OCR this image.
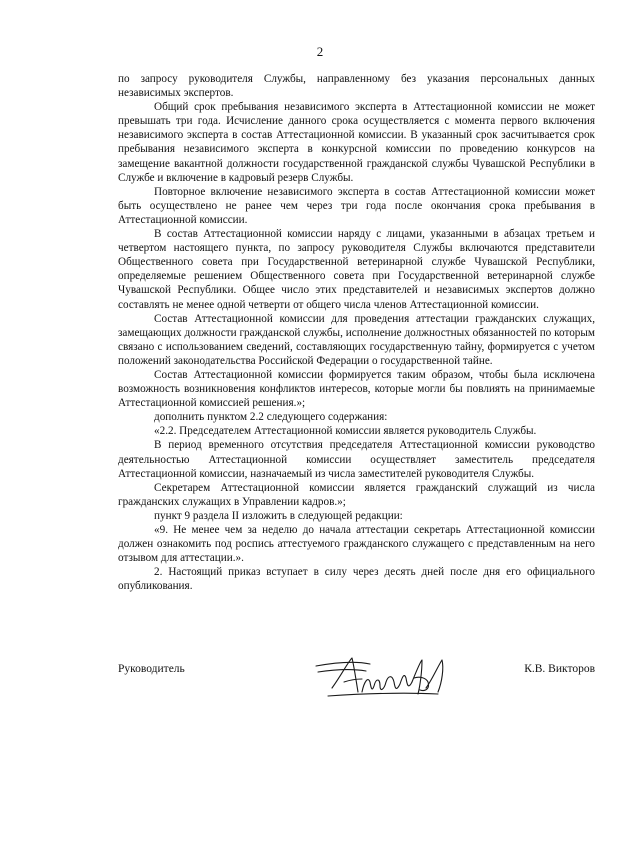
2

по запросу руководителя Службы, направленному без указания персональных данных независимых экспертов.

Общий срок пребывания независимого эксперта в Аттестационной комиссии не может превышать три года. Исчисление данного срока осуществляется с момента первого включения независимого эксперта в состав Аттестационной комиссии. В указанный срок засчитывается срок пребывания независимого эксперта в конкурсной комиссии по проведению конкурсов на замещение вакантной должности государственной гражданской службы Чувашской Республики в Службе и включение в кадровый резерв Службы.

Повторное включение независимого эксперта в состав Аттестационной комиссии может быть осуществлено не ранее чем через три года после окончания срока пребывания в Аттестационной комиссии.

В состав Аттестационной комиссии наряду с лицами, указанными в абзацах третьем и четвертом настоящего пункта, по запросу руководителя Службы включаются представители Общественного совета при Государственной ветеринарной службе Чувашской Республики, определяемые решением Общественного совета при Государственной ветеринарной службе Чувашской Республики. Общее число этих представителей и независимых экспертов должно составлять не менее одной четверти от общего числа членов Аттестационной комиссии.

Состав Аттестационной комиссии для проведения аттестации гражданских служащих, замещающих должности гражданской службы, исполнение должностных обязанностей по которым связано с использованием сведений, составляющих государственную тайну, формируется с учетом положений законодательства Российской Федерации о государственной тайне.

Состав Аттестационной комиссии формируется таким образом, чтобы была исключена возможность возникновения конфликтов интересов, которые могли бы повлиять на принимаемые Аттестационной комиссией решения.»;

дополнить пунктом 2.2 следующего содержания:

«2.2. Председателем Аттестационной комиссии является руководитель Службы.

В период временного отсутствия председателя Аттестационной комиссии руководство деятельностью Аттестационной комиссии осуществляет заместитель председателя Аттестационной комиссии, назначаемый из числа заместителей руководителя Службы.

Секретарем Аттестационной комиссии является гражданский служащий из числа гражданских служащих в Управлении кадров.»;

пункт 9 раздела II изложить в следующей редакции:

«9. Не менее чем за неделю до начала аттестации секретарь Аттестационной комиссии должен ознакомить под роспись аттестуемого гражданского служащего с представленным на него отзывом для аттестации.».

2. Настоящий приказ вступает в силу через десять дней после дня его официального опубликования.

Руководитель	К.В. Викторов
